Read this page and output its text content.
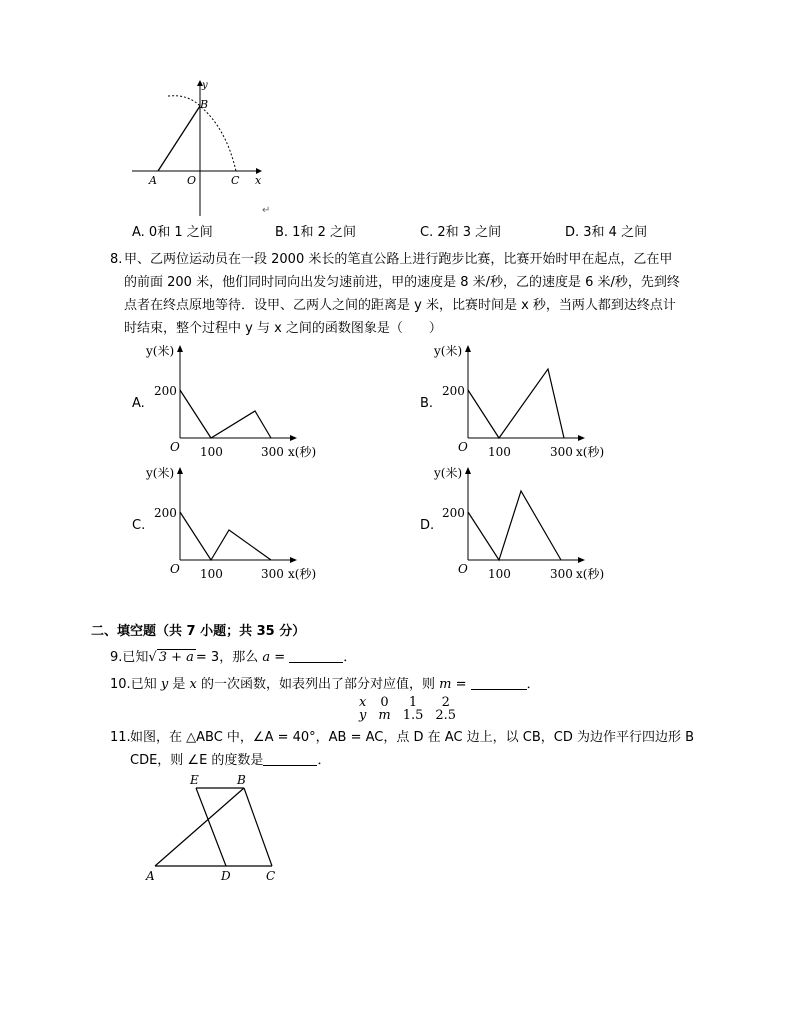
y
B
A	O	C x
↵
A. 0和 1 之间	B. 1和 2 之间	C. 2和 3 之间	D. 3和 4 之间
8. 甲、乙两位运动员在一段 2000 米长的笔直公路上进行跑步比赛，比赛开始时甲在起点，乙在甲
的前面 200 米，他们同时同向出发匀速前进，甲的速度是 8 米/秒，乙的速度是 6 米/秒，先到终
点者在终点原地等待．设甲、乙两人之间的距离是 y 米，比赛时间是 x 秒，当两人都到达终点计
时结束，整个过程中 y 与 x 之间的函数图象是（　　）
A.
y(米)
200
O 100	300 x(秒)
B.
y(米)
200
O 100	300 x(秒)
C.
y(米)
200
O 100	300 x(秒)
D.
y(米)
200
O 100	300 x(秒)
二、填空题（共 7 小题；共 35 分）
9.已知√ 3 + a = 3，那么 a =	．
10.已知 y 是 x 的一次函数，如表列出了部分对应值，则 m =	．
x	0	1	2
y	m	1.5	2.5
11. 如图，在 △ABC 中，∠A = 40°，AB = AC，点 D 在 AC 边上，以 CB，CD 为边作平行四边形 B
CDE，则 ∠E 的度数是	．
E	B
A	D	C
